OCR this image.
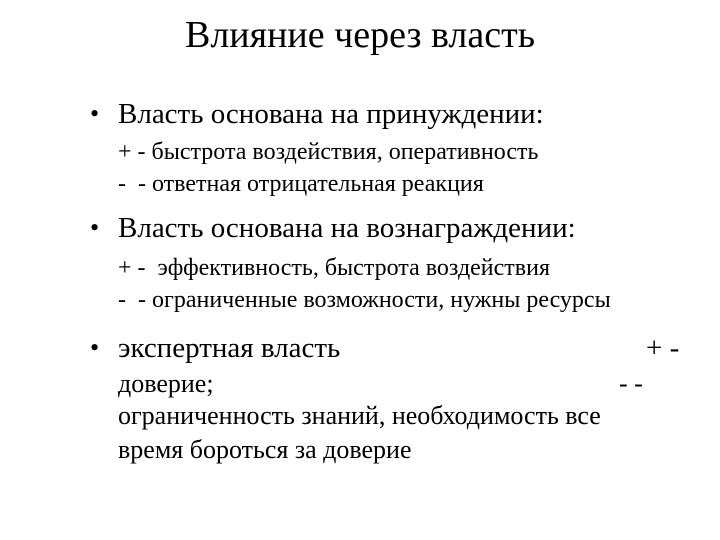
Влияние через власть
• Власть основана на принуждении:
+ - быстрота воздействия, оперативность
-  - ответная отрицательная реакция
• Власть основана на вознаграждении:
+ -  эффективность, быстрота воздействия
-  - ограниченные возможности, нужны ресурсы
• экспертная власть	+ -
доверие;	- -
ограниченность знаний, необходимость все
время бороться за доверие
